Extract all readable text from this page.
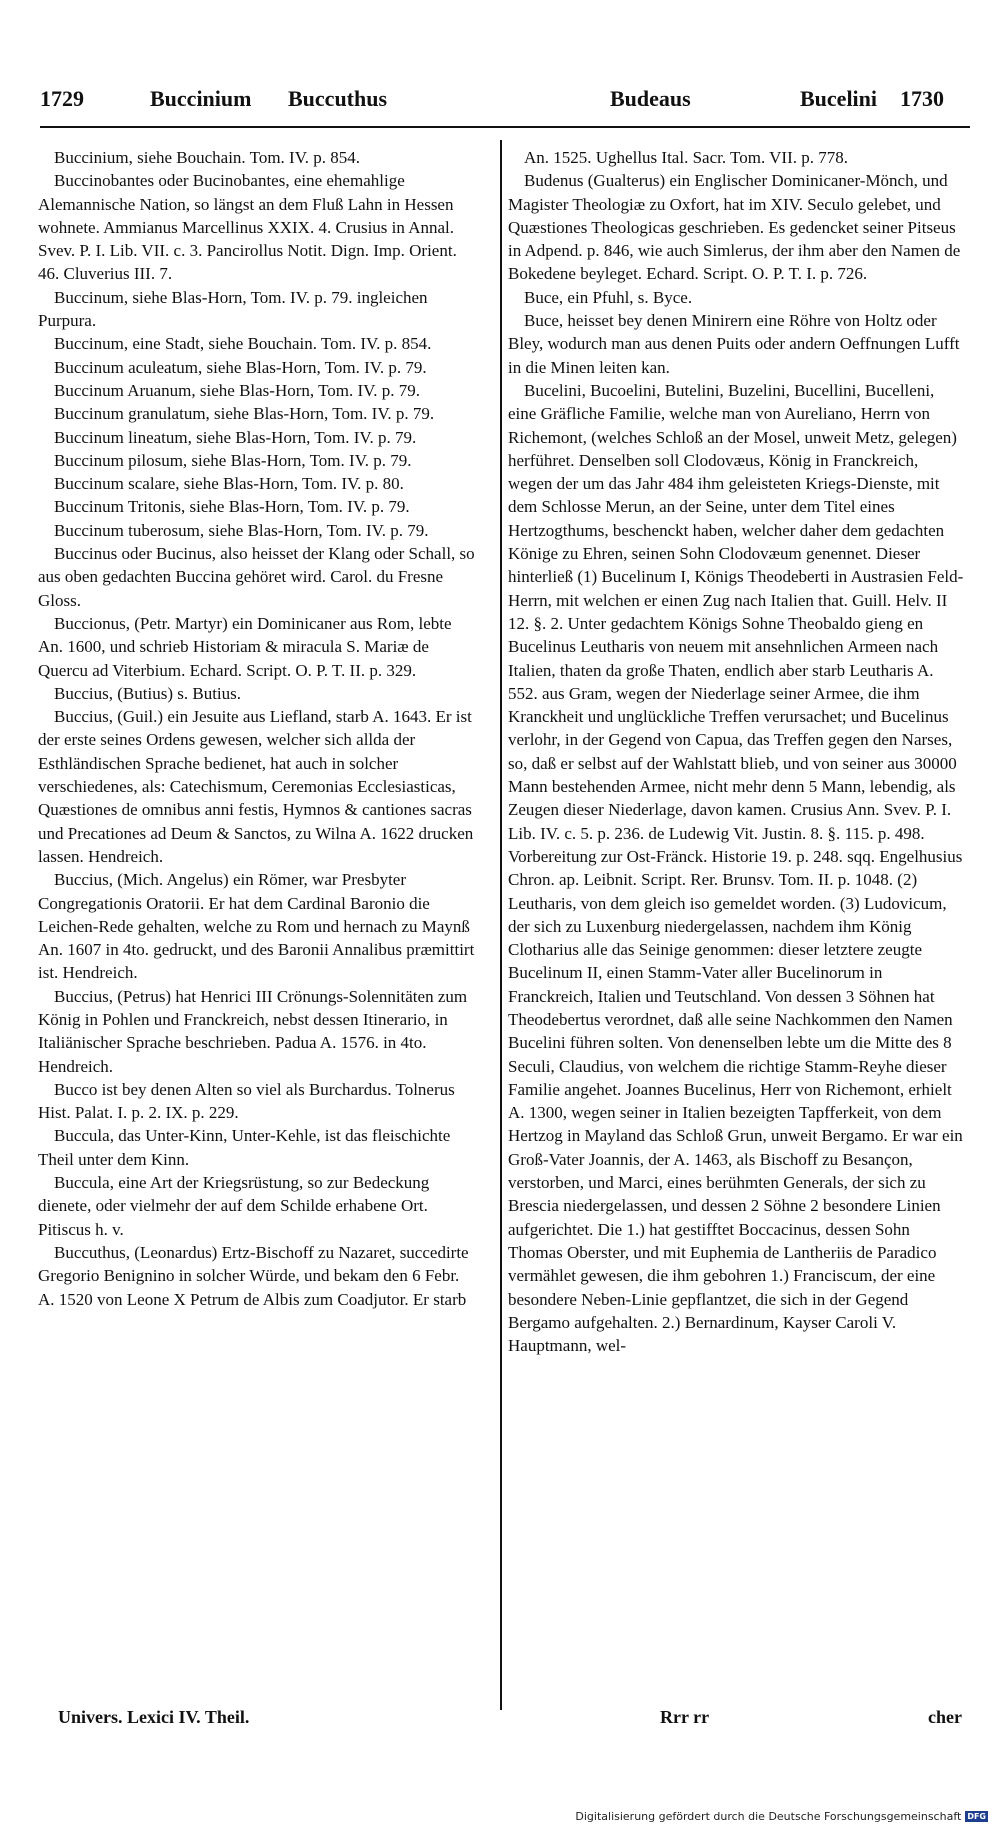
1729	Buccinium Buccuthus	Budeaus	Bucelini 1730

Buccinium, siehe Bouchain. Tom. IV. p. 854.

Buccinobantes oder Bucinobantes, eine ehemahlige Alemannische Nation, so längst an dem Fluß Lahn in Hessen wohnete. Ammianus Marcellinus XXIX. 4. Crusius in Annal. Svev. P. I. Lib. VII. c. 3. Pancirollus Notit. Dign. Imp. Orient. 46. Cluverius III. 7.

Buccinum, siehe Blas-Horn, Tom. IV. p. 79. ingleichen Purpura.

Buccinum, eine Stadt, siehe Bouchain. Tom. IV. p. 854.

Buccinum aculeatum, siehe Blas-Horn, Tom. IV. p. 79.

Buccinum Aruanum, siehe Blas-Horn, Tom. IV. p. 79.

Buccinum granulatum, siehe Blas-Horn, Tom. IV. p. 79.

Buccinum lineatum, siehe Blas-Horn, Tom. IV. p. 79.

Buccinum pilosum, siehe Blas-Horn, Tom. IV. p. 79.

Buccinum scalare, siehe Blas-Horn, Tom. IV. p. 80.

Buccinum Tritonis, siehe Blas-Horn, Tom. IV. p. 79.

Buccinum tuberosum, siehe Blas-Horn, Tom. IV. p. 79.

Buccinus oder Bucinus, also heisset der Klang oder Schall, so aus oben gedachten Buccina gehöret wird. Carol. du Fresne Gloss.

Buccionus, (Petr. Martyr) ein Dominicaner aus Rom, lebte An. 1600, und schrieb Historiam & miracula S. Mariæ de Quercu ad Viterbium. Echard. Script. O. P. T. II. p. 329.

Buccius, (Butius) s. Butius.

Buccius, (Guil.) ein Jesuite aus Liefland, starb A. 1643. Er ist der erste seines Ordens gewesen, welcher sich allda der Esthländischen Sprache bedienet, hat auch in solcher verschiedenes, als: Catechismum, Ceremonias Ecclesiasticas, Quæstiones de omnibus anni festis, Hymnos & cantiones sacras und Precationes ad Deum & Sanctos, zu Wilna A. 1622 drucken lassen. Hendreich.

Buccius, (Mich. Angelus) ein Römer, war Presbyter Congregationis Oratorii. Er hat dem Cardinal Baronio die Leichen-Rede gehalten, welche zu Rom und hernach zu Maynß An. 1607 in 4to. gedruckt, und des Baronii Annalibus præmittirt ist. Hendreich.

Buccius, (Petrus) hat Henrici III Crönungs-Solennitäten zum König in Pohlen und Franckreich, nebst dessen Itinerario, in Italiänischer Sprache beschrieben. Padua A. 1576. in 4to. Hendreich.

Bucco ist bey denen Alten so viel als Burchardus. Tolnerus Hist. Palat. I. p. 2. IX. p. 229.

Buccula, das Unter-Kinn, Unter-Kehle, ist das fleischichte Theil unter dem Kinn.

Buccula, eine Art der Kriegsrüstung, so zur Bedeckung dienete, oder vielmehr der auf dem Schilde erhabene Ort. Pitiscus h. v.

Buccuthus, (Leonardus) Ertz-Bischoff zu Nazaret, succedirte Gregorio Benignino in solcher Würde, und bekam den 6 Febr. A. 1520 von Leone X Petrum de Albis zum Coadjutor. Er starb

An. 1525. Ughellus Ital. Sacr. Tom. VII. p. 778.

Budenus (Gualterus) ein Englischer Dominicaner-Mönch, und Magister Theologiæ zu Oxfort, hat im XIV. Seculo gelebet, und Quæstiones Theologicas geschrieben. Es gedencket seiner Pitseus in Adpend. p. 846, wie auch Simlerus, der ihm aber den Namen de Bokedene beyleget. Echard. Script. O. P. T. I. p. 726.

Buce, ein Pfuhl, s. Byce.

Buce, heisset bey denen Minirern eine Röhre von Holtz oder Bley, wodurch man aus denen Puits oder andern Oeffnungen Lufft in die Minen leiten kan.

Bucelini, Bucoelini, Butelini, Buzelini, Bucellini, Bucelleni, eine Gräfliche Familie, welche man von Aureliano, Herrn von Richemont, (welches Schloß an der Mosel, unweit Metz, gelegen) herführet. Denselben soll Clodovæus, König in Franckreich, wegen der um das Jahr 484 ihm geleisteten Kriegs-Dienste, mit dem Schlosse Merun, an der Seine, unter dem Titel eines Hertzogthums, beschenckt haben, welcher daher dem gedachten Könige zu Ehren, seinen Sohn Clodovæum genennet. Dieser hinterließ (1) Bucelinum I, Königs Theodeberti in Austrasien Feld-Herrn, mit welchen er einen Zug nach Italien that. Guill. Helv. II 12. §. 2. Unter gedachtem Königs Sohne Theobaldo gieng en Bucelinus Leutharis von neuem mit ansehnlichen Armeen nach Italien, thaten da große Thaten, endlich aber starb Leutharis A. 552. aus Gram, wegen der Niederlage seiner Armee, die ihm Kranckheit und unglückliche Treffen verursachet; und Bucelinus verlohr, in der Gegend von Capua, das Treffen gegen den Narses, so, daß er selbst auf der Wahlstatt blieb, und von seiner aus 30000 Mann bestehenden Armee, nicht mehr denn 5 Mann, lebendig, als Zeugen dieser Niederlage, davon kamen. Crusius Ann. Svev. P. I. Lib. IV. c. 5. p. 236. de Ludewig Vit. Justin. 8. §. 115. p. 498. Vorbereitung zur Ost-Fränck. Historie 19. p. 248. sqq. Engelhusius Chron. ap. Leibnit. Script. Rer. Brunsv. Tom. II. p. 1048. (2) Leutharis, von dem gleich iso gemeldet worden. (3) Ludovicum, der sich zu Luxenburg niedergelassen, nachdem ihm König Clotharius alle das Seinige genommen: dieser letztere zeugte Bucelinum II, einen Stamm-Vater aller Bucelinorum in Franckreich, Italien und Teutschland. Von dessen 3 Söhnen hat Theodebertus verordnet, daß alle seine Nachkommen den Namen Bucelini führen solten. Von denenselben lebte um die Mitte des 8 Seculi, Claudius, von welchem die richtige Stamm-Reyhe dieser Familie angehet. Joannes Bucelinus, Herr von Richemont, erhielt A. 1300, wegen seiner in Italien bezeigten Tapfferkeit, von dem Hertzog in Mayland das Schloß Grun, unweit Bergamo. Er war ein Groß-Vater Joannis, der A. 1463, als Bischoff zu Besançon, verstorben, und Marci, eines berühmten Generals, der sich zu Brescia niedergelassen, und dessen 2 Söhne 2 besondere Linien aufgerichtet. Die 1.) hat gestifftet Boccacinus, dessen Sohn Thomas Oberster, und mit Euphemia de Lantheriis de Paradico vermählet gewesen, die ihm gebohren 1.) Franciscum, der eine besondere Neben-Linie gepflantzet, die sich in der Gegend Bergamo aufgehalten. 2.) Bernardinum, Kayser Caroli V. Hauptmann, wel-

Univers. Lexici IV. Theil.	Rrr rr	cher
Digitalisierung gefördert durch die Deutsche Forschungsgemeinschaft DFG
